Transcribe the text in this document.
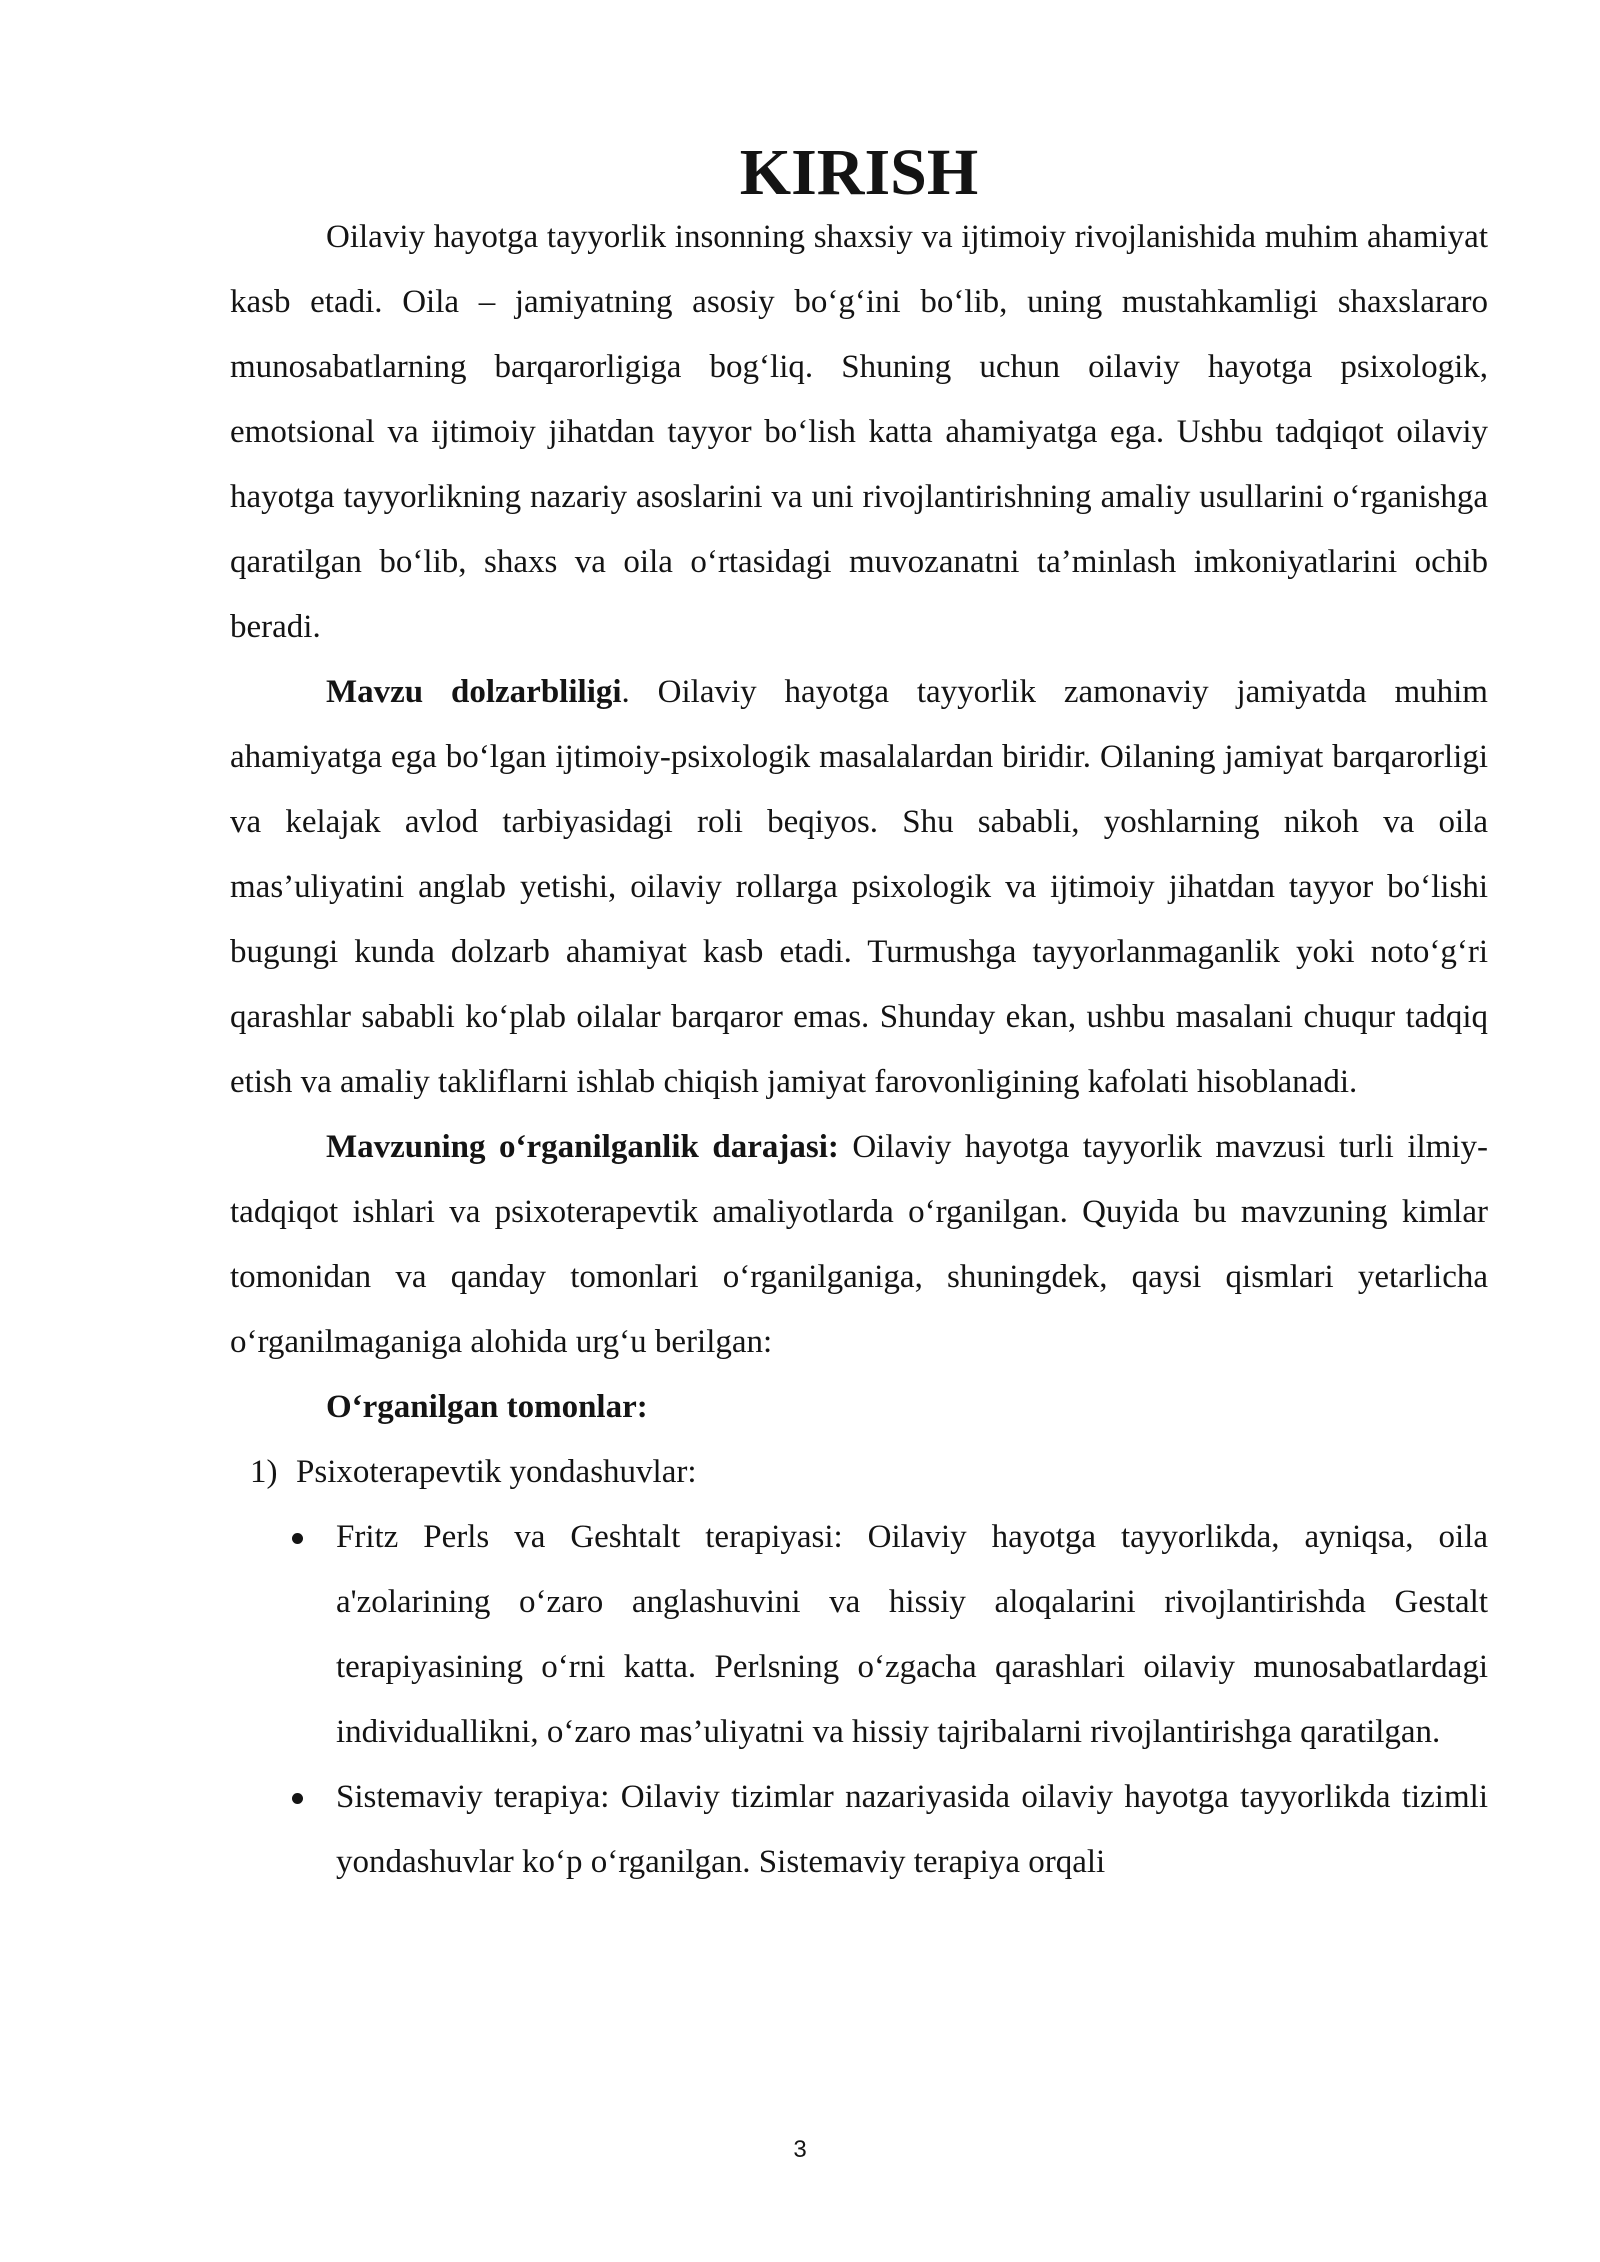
KIRISH

Oilaviy hayotga tayyorlik insonning shaxsiy va ijtimoiy rivojlanishida muhim ahamiyat kasb etadi. Oila – jamiyatning asosiy bo‘g‘ini bo‘lib, uning mustahkamligi shaxslararo munosabatlarning barqarorligiga bog‘liq. Shuning uchun oilaviy hayotga psixologik, emotsional va ijtimoiy jihatdan tayyor bo‘lish katta ahamiyatga ega. Ushbu tadqiqot oilaviy hayotga tayyorlikning nazariy asoslarini va uni rivojlantirishning amaliy usullarini o‘rganishga qaratilgan bo‘lib, shaxs va oila o‘rtasidagi muvozanatni ta’minlash imkoniyatlarini ochib beradi.

Mavzu dolzarbliligi. Oilaviy hayotga tayyorlik zamonaviy jamiyatda muhim ahamiyatga ega bo‘lgan ijtimoiy-psixologik masalalardan biridir. Oilaning jamiyat barqarorligi va kelajak avlod tarbiyasidagi roli beqiyos. Shu sababli, yoshlarning nikoh va oila mas’uliyatini anglab yetishi, oilaviy rollarga psixologik va ijtimoiy jihatdan tayyor bo‘lishi bugungi kunda dolzarb ahamiyat kasb etadi. Turmushga tayyorlanmaganlik yoki noto‘g‘ri qarashlar sababli ko‘plab oilalar barqaror emas. Shunday ekan, ushbu masalani chuqur tadqiq etish va amaliy takliflarni ishlab chiqish jamiyat farovonligining kafolati hisoblanadi.

Mavzuning o‘rganilganlik darajasi: Oilaviy hayotga tayyorlik mavzusi turli ilmiy-tadqiqot ishlari va psixoterapevtik amaliyotlarda o‘rganilgan. Quyida bu mavzuning kimlar tomonidan va qanday tomonlari o‘rganilganiga, shuningdek, qaysi qismlari yetarlicha o‘rganilmaganiga alohida urg‘u berilgan:

O‘rganilgan tomonlar:
1) Psixoterapevtik yondashuvlar:
Fritz Perls va Geshtalt terapiyasi: Oilaviy hayotga tayyorlikda, ayniqsa, oila a'zolarining o‘zaro anglashuvini va hissiy aloqalarini rivojlantirishda Gestalt terapiyasining o‘rni katta. Perlsning o‘zgacha qarashlari oilaviy munosabatlardagi individuallikni, o‘zaro mas’uliyatni va hissiy tajribalarni rivojlantirishga qaratilgan.
Sistemaviy terapiya: Oilaviy tizimlar nazariyasida oilaviy hayotga tayyorlikda tizimli yondashuvlar ko‘p o‘rganilgan. Sistemaviy terapiya orqali
3
